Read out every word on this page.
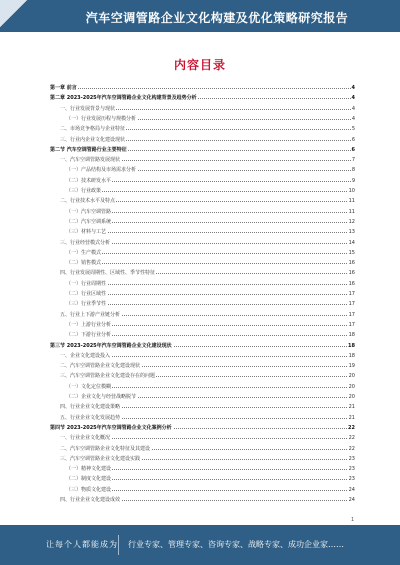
汽车空调管路企业文化构建及优化策略研究报告
内容目录
第一章 前言	4
第二章 2023-2025年汽车空调管路企业文化构建背景及趋势分析	4
一、行业发展背景与现状	4
（一）行业发展历程与规模分析	4
二、市场竞争格局与企业特征	5
三、行业内企业文化建设现状	6
第二节 汽车空调管路行业主要特征	6
一、汽车空调管路发展现状	7
（一）产品结构及市场需求分析	8
（二）技术研发水平	9
（三）行业政策	10
二、行业技术水平及特点	11
（一）汽车空调管路	11
（二）汽车空调系统	12
（三）材料与工艺	13
三、行业经营模式分析	14
（一）生产模式	15
（二）销售模式	16
四、行业发展周期性、区域性、季节性特征	16
（一）行业周期性	16
（二）行业区域性	17
（三）行业季节性	17
五、行业上下游产业链分析	17
（一）上游行业分析	17
（二）下游行业分析	18
第三节 2023-2025年汽车空调管路企业文化建设现状	18
一、企业文化建设投入	18
二、汽车空调管路企业文化建设现状	19
三、汽车空调管路企业文化建设存在的问题	20
（一）文化定位模糊	20
（二）企业文化与经营战略脱节	20
四、行业企业文化建设策略	21
五、行业企业文化发展趋势	21
第四节 2023-2025年汽车空调管路企业文化案例分析	22
一、行业企业文化概况	22
二、汽车空调管路企业文化特征及其建设	22
三、汽车空调管路企业文化建设实践	23
（一）精神文化建设	23
（二）制度文化建设	23
（三）物质文化建设	24
四、行业企业文化建设成效	24
1
让每个人都能成为 行业专家、管理专家、咨询专家、战略专家、成功企业家……
